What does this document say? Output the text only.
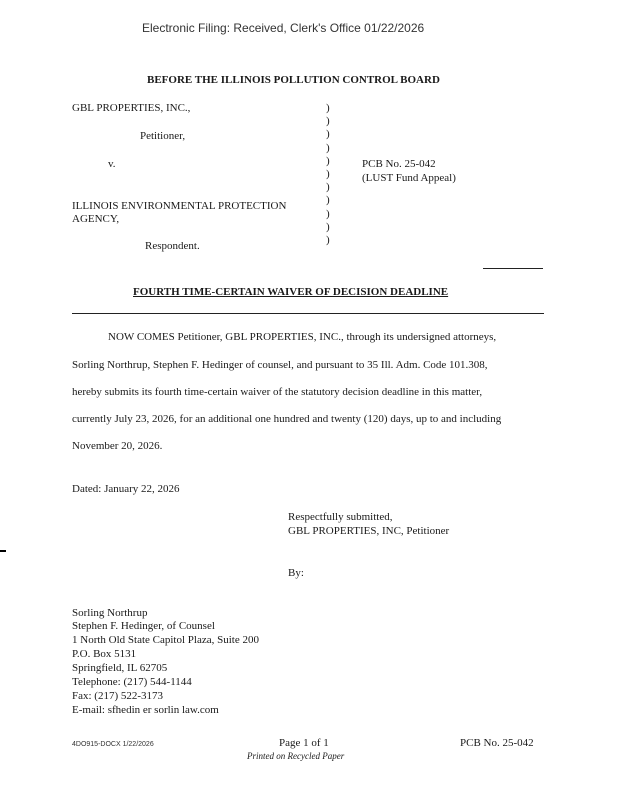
Electronic Filing: Received, Clerk's Office 01/22/2026
BEFORE THE ILLINOIS POLLUTION CONTROL BOARD
GBL PROPERTIES, INC.,
Petitioner,
v.
ILLINOIS ENVIRONMENTAL PROTECTION
AGENCY,
Respondent.
)
)
)
)
)
)
)
)
)
)
)
PCB No. 25-042
(LUST Fund Appeal)
FOURTH TIME-CERTAIN WAIVER OF DECISION DEADLINE
NOW COMES Petitioner, GBL PROPERTIES, INC., through its undersigned attorneys,
Sorling Northrup, Stephen F. Hedinger of counsel, and pursuant to 35 Ill. Adm. Code 101.308,
hereby submits its fourth time-certain waiver of the statutory decision deadline in this matter,
currently July 23, 2026, for an additional one hundred and twenty (120) days, up to and including
November 20, 2026.
Dated: January 22, 2026
Respectfully submitted,
GBL PROPERTIES, INC, Petitioner
By:
Sorling Northrup
Stephen F. Hedinger, of Counsel
1 North Old State Capitol Plaza, Suite 200
P.O. Box 5131
Springfield, IL 62705
Telephone: (217) 544-1144
Fax: (217) 522-3173
E-mail: sfhedin er sorlin law.com
4DO915-DOCX 1/22/2026	Page 1 of 1
Printed on Recycled Paper
PCB No. 25-042
